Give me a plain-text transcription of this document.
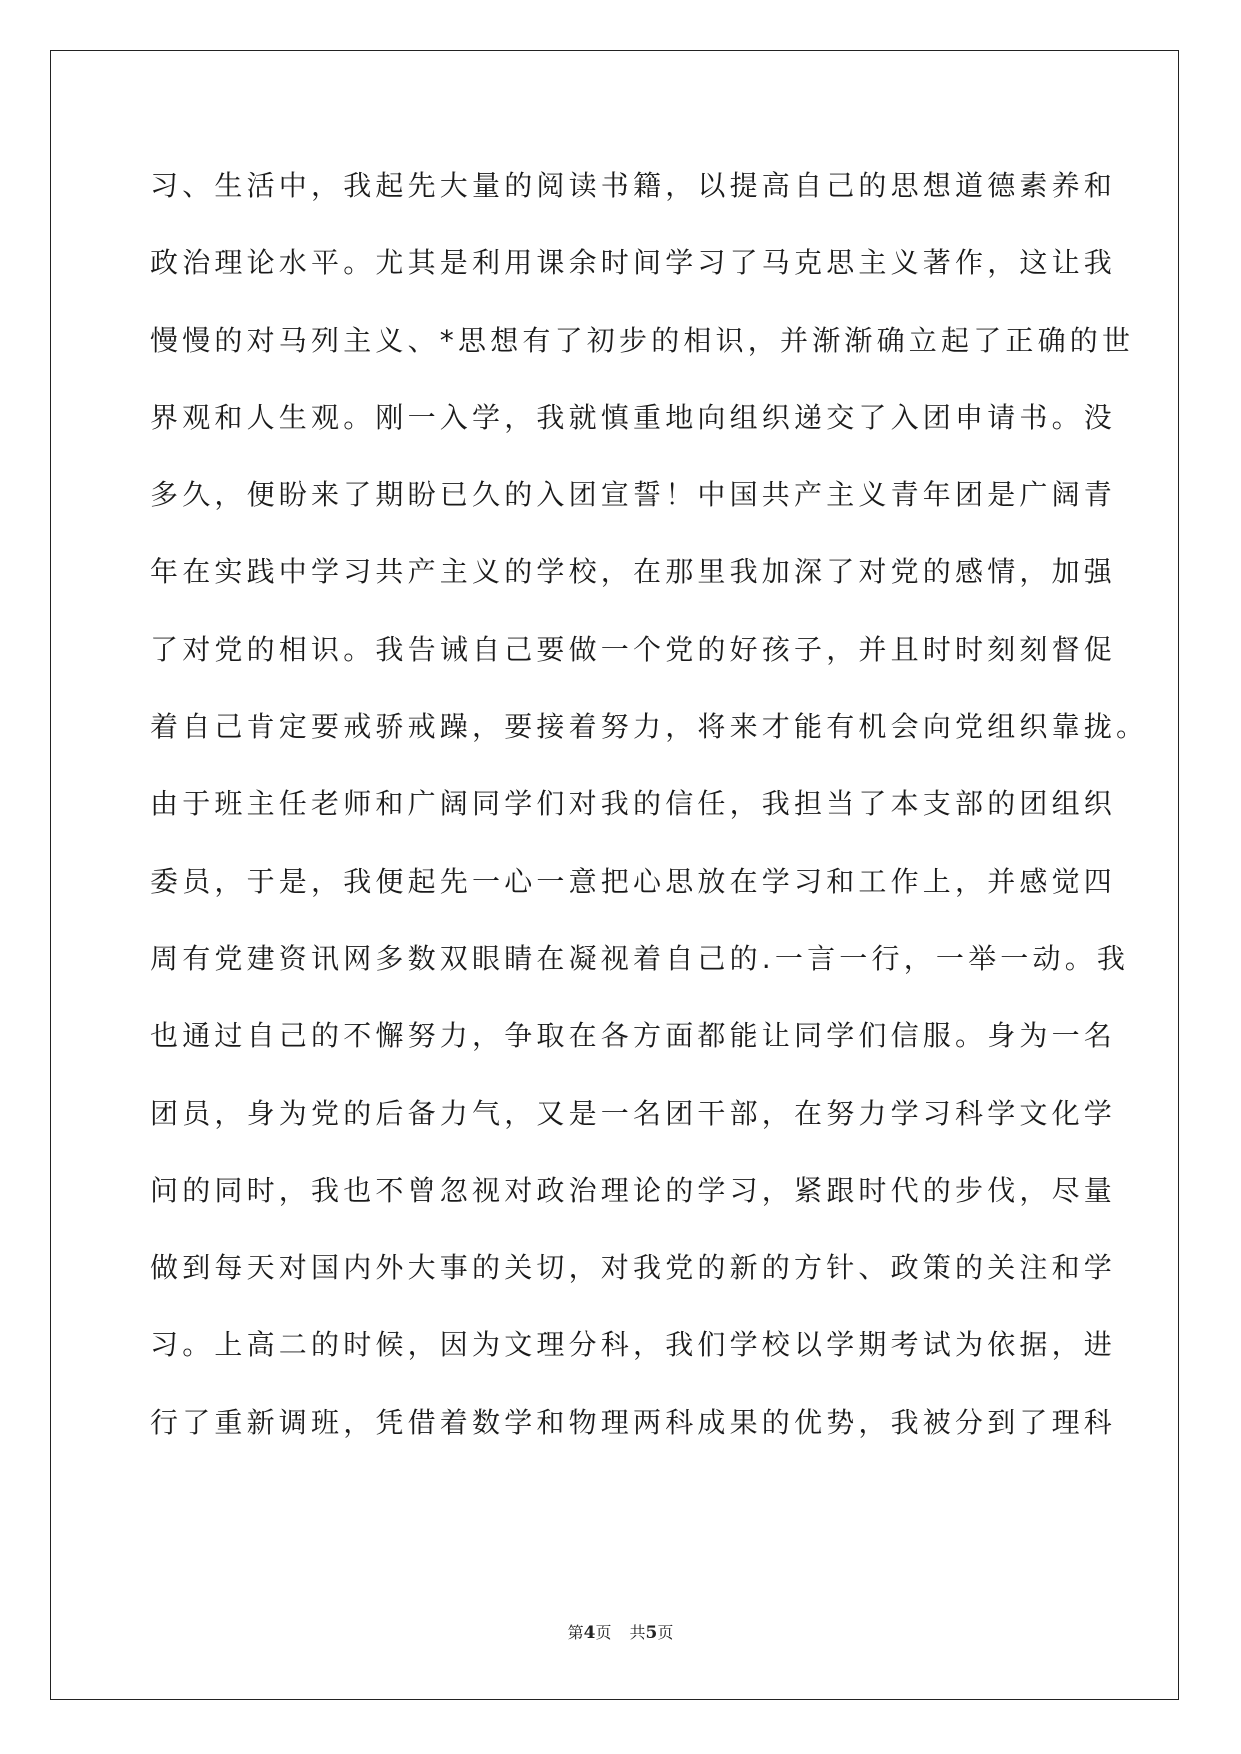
习、生活中，我起先大量的阅读书籍，以提高自己的思想道德素养和
政治理论水平。尤其是利用课余时间学习了马克思主义著作，这让我
慢慢的对马列主义、*思想有了初步的相识，并渐渐确立起了正确的世
界观和人生观。刚一入学，我就慎重地向组织递交了入团申请书。没
多久，便盼来了期盼已久的入团宣誓！中国共产主义青年团是广阔青
年在实践中学习共产主义的学校，在那里我加深了对党的感情，加强
了对党的相识。我告诫自己要做一个党的好孩子，并且时时刻刻督促
着自己肯定要戒骄戒躁，要接着努力，将来才能有机会向党组织靠拢。
由于班主任老师和广阔同学们对我的信任，我担当了本支部的团组织
委员，于是，我便起先一心一意把心思放在学习和工作上，并感觉四
周有党建资讯网多数双眼睛在凝视着自己的.一言一行，一举一动。我
也通过自己的不懈努力，争取在各方面都能让同学们信服。身为一名
团员，身为党的后备力气，又是一名团干部，在努力学习科学文化学
问的同时，我也不曾忽视对政治理论的学习，紧跟时代的步伐，尽量
做到每天对国内外大事的关切，对我党的新的方针、政策的关注和学
习。上高二的时候，因为文理分科，我们学校以学期考试为依据，进
行了重新调班，凭借着数学和物理两科成果的优势，我被分到了理科
第4页 共5页
